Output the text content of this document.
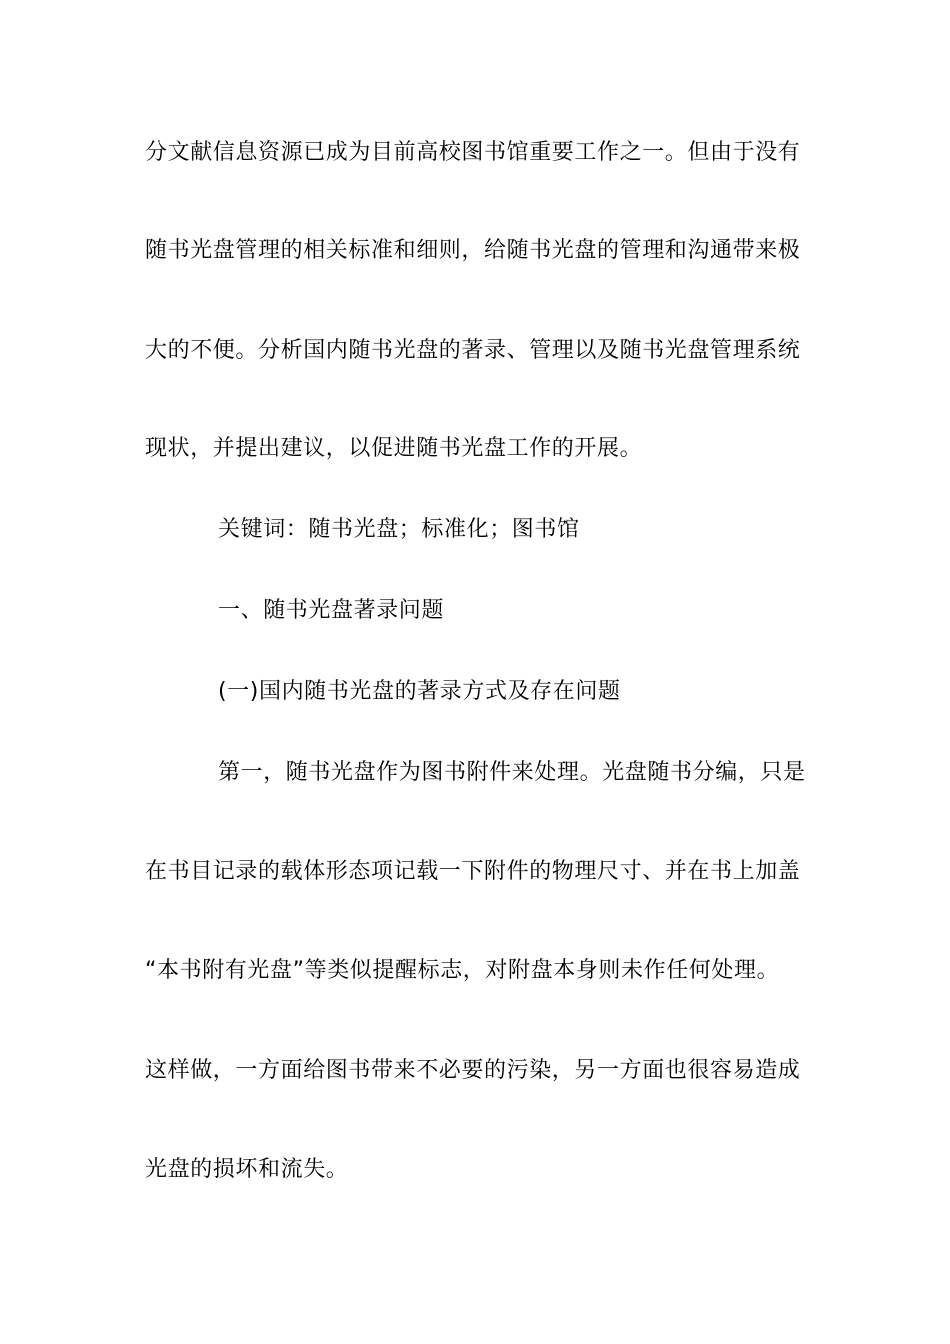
分文献信息资源已成为目前高校图书馆重要工作之一。但由于没有
随书光盘管理的相关标准和细则，给随书光盘的管理和沟通带来极
大的不便。分析国内随书光盘的著录、管理以及随书光盘管理系统
现状，并提出建议，以促进随书光盘工作的开展。
关键词：随书光盘；标准化；图书馆
一、随书光盘著录问题
(一)国内随书光盘的著录方式及存在问题
第一，随书光盘作为图书附件来处理。光盘随书分编，只是
在书目记录的载体形态项记载一下附件的物理尺寸、并在书上加盖
“本书附有光盘”等类似提醒标志，对附盘本身则未作任何处理。
这样做，一方面给图书带来不必要的污染，另一方面也很容易造成
光盘的损坏和流失。
